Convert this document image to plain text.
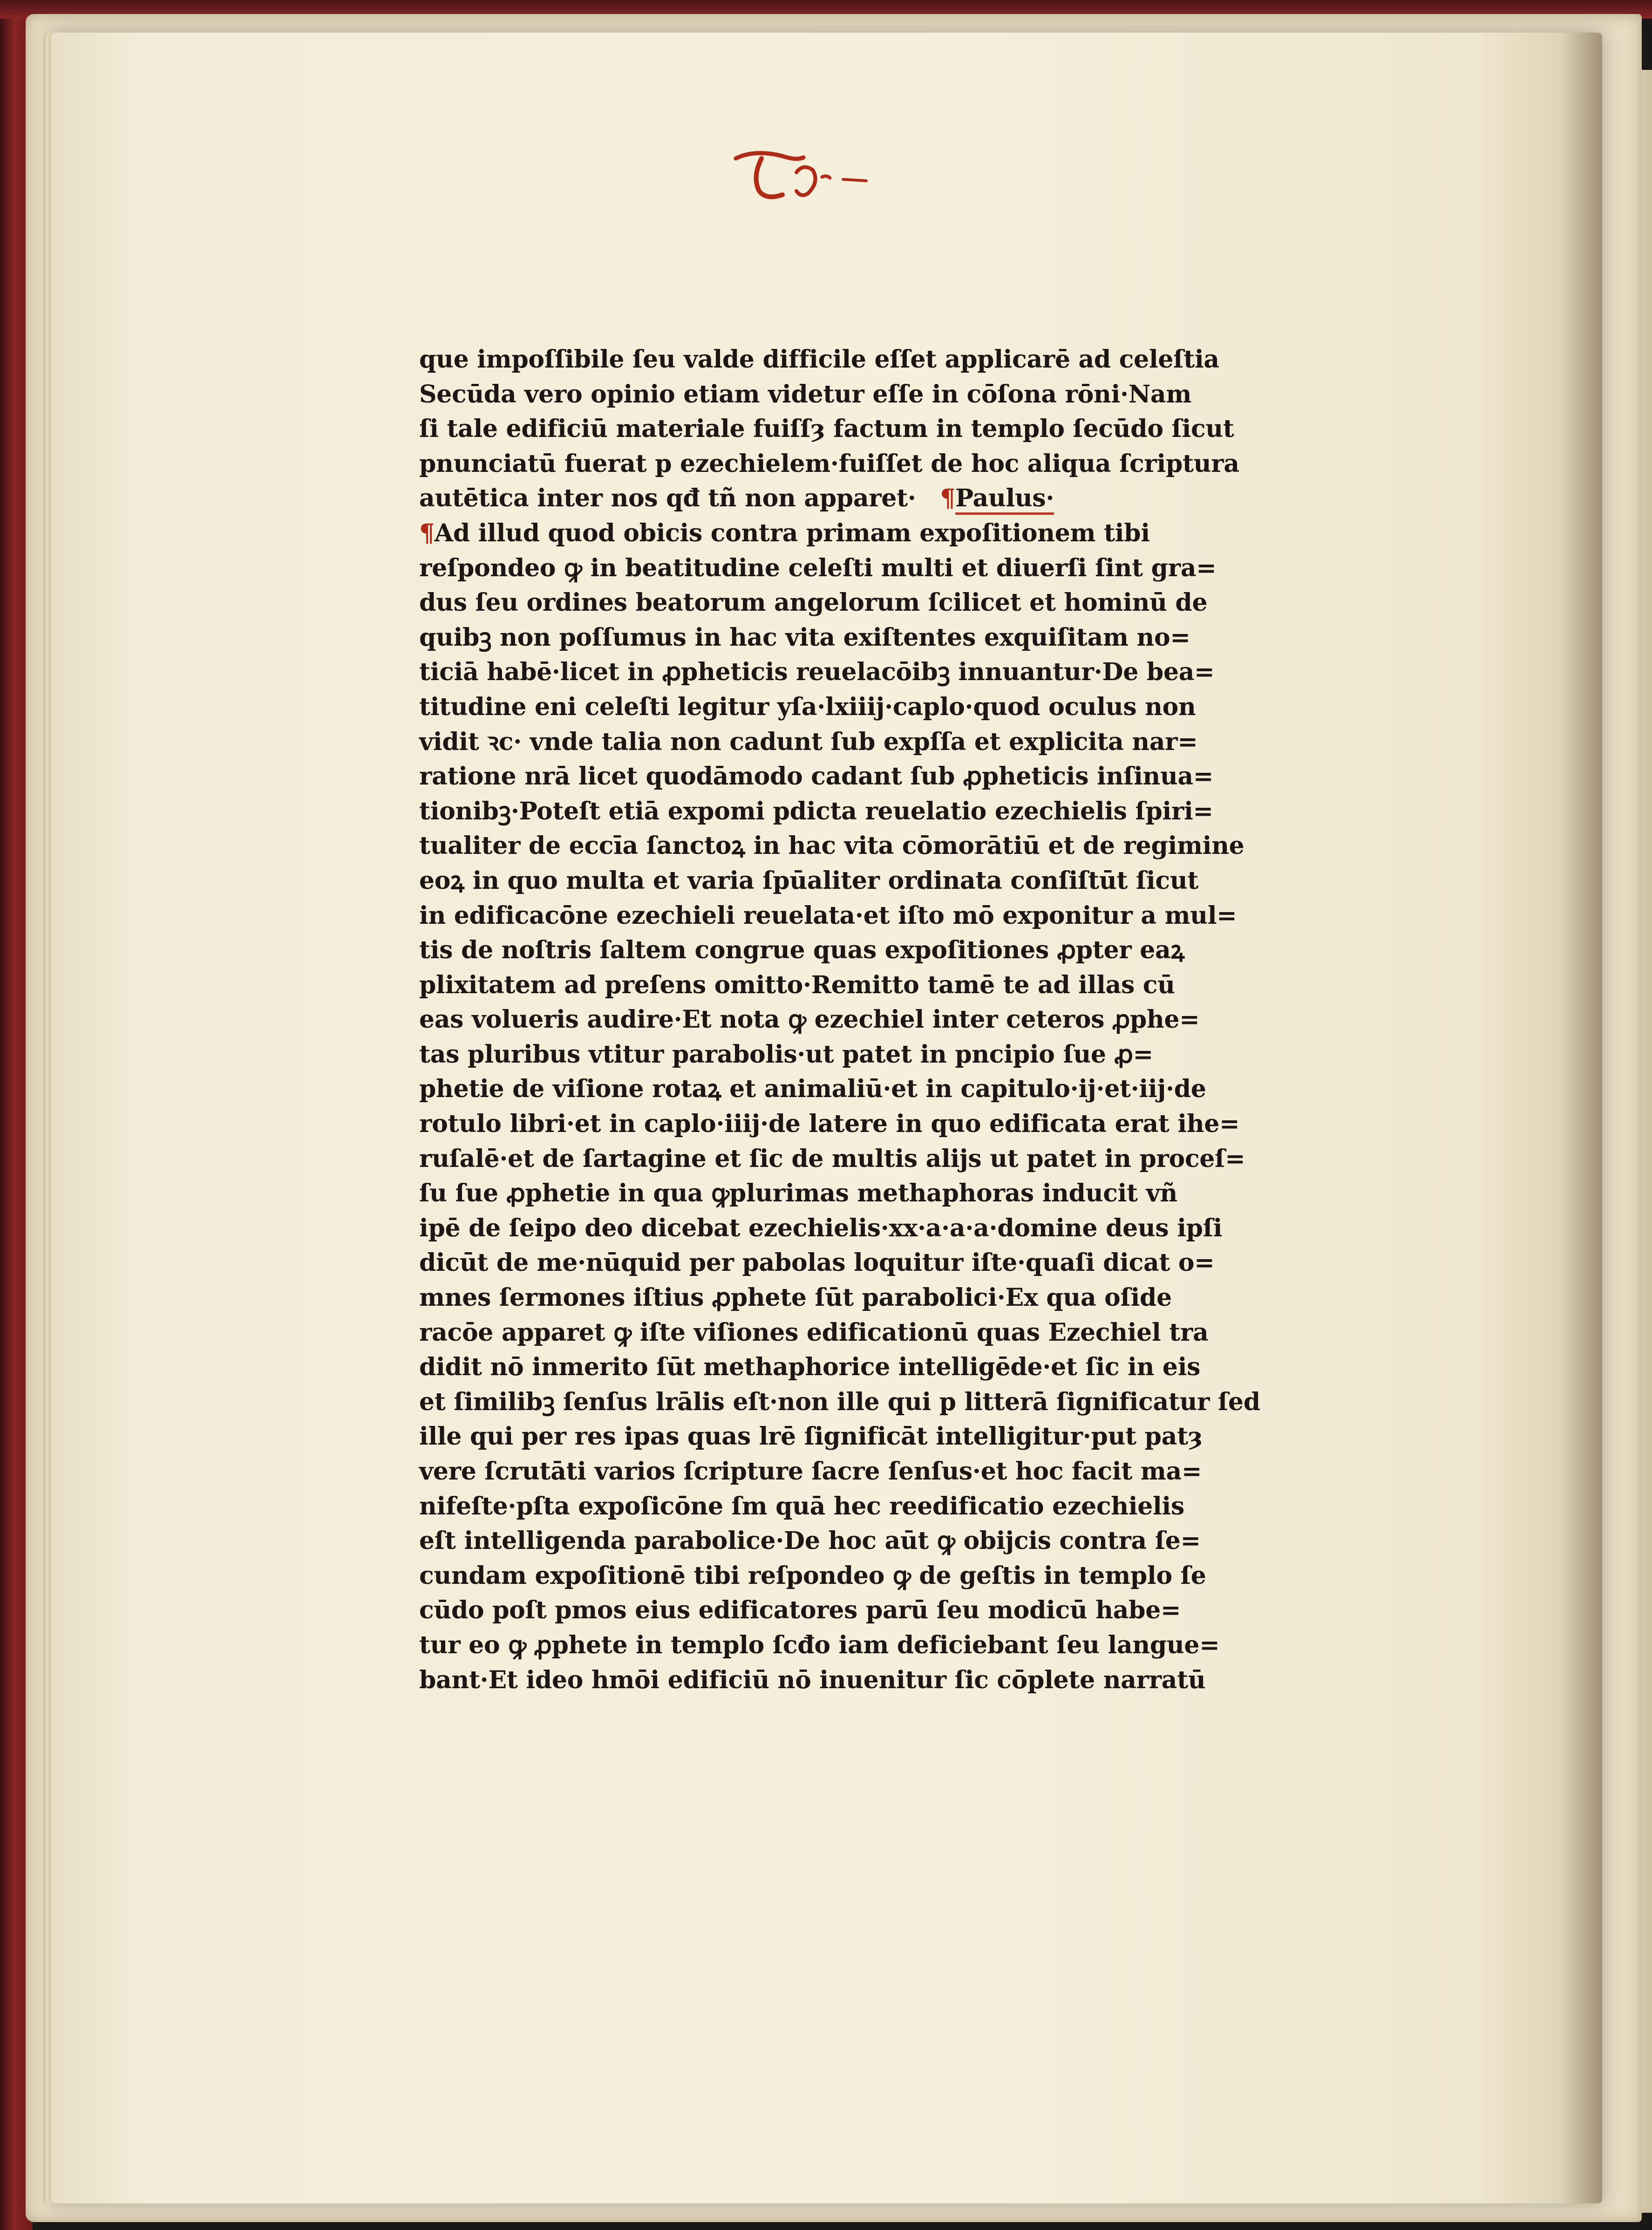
que impoſſibile ſeu valde difficile eſſet applicarē ad celeſtia
Secūda vero opinio etiam videtur eſſe in cōſona rōni·Nam
ſi tale edificiū materiale fuiſſȝ factum in templo ſecūdo ſicut
pnunciatū fuerat p ezechielem·fuiſſet de hoc aliqua ſcriptura
autētica inter nos qđ tñ non apparet·  ¶Paulus·
¶Ad illud quod obicis contra primam expoſitionem tibi
reſpondeo ꝙ in beatitudine celeſti multi et diuerſi ſint gra=
dus ſeu ordines beatorum angelorum ſcilicet et hominū de
quibꝫ non poſſumus in hac vita exiſtentes exquiſitam no=
ticiā habē·licet in ꝓpheticis reuelacōibꝫ innuantur·De bea=
titudine eni celeſti legitur yſa·lxiiij·caplo·quod oculus non
vidit ꝛc· vnde talia non cadunt ſub expſſa et explicita nar=
ratione nrā licet quodāmodo cadant ſub ꝓpheticis inſinua=
tionibꝫ·Poteſt etiā expomi pdicta reuelatio ezechielis ſpiri=
tualiter de eccīa ſanctoꝝ in hac vita cōmorātiū et de regimine
eoꝝ in quo multa et varia ſpūaliter ordinata conſiſtūt ſicut
in edificacōne ezechieli reuelata·et iſto mō exponitur a mul=
tis de noſtris ſaltem congrue quas expoſitiones ꝓpter eaꝝ
plixitatem ad preſens omitto·Remitto tamē te ad illas cū
eas volueris audire·Et nota ꝙ ezechiel inter ceteros ꝓphe=
tas pluribus vtitur parabolis·ut patet in pncipio ſue ꝓ=
phetie de viſione rotaꝝ et animaliū·et in capitulo·ij·et·iij·de
rotulo libri·et in caplo·iiij·de latere in quo edificata erat ihe=
ruſalē·et de ſartagine et ſic de multis alijs ut patet in proceſ=
ſu ſue ꝓphetie in qua ꝙplurimas methaphoras inducit vñ
ipē de ſeipo deo dicebat ezechielis·xx·a·a·a·domine deus ipſi
dicūt de me·nūquid per pabolas loquitur iſte·quaſi dicat o=
mnes ſermones iſtius ꝓphete ſūt parabolici·Ex qua oſide
racōe apparet ꝙ iſte viſiones edificationū quas Ezechiel tra
didit nō inmerito ſūt methaphorice intelligēde·et ſic in eis
et ſimilibꝫ ſenſus lrālis eſt·non ille qui p litterā ſignificatur ſed
ille qui per res ipas quas lrē ſignificāt intelligitur·put patȝ
vere ſcrutāti varios ſcripture ſacre ſenſus·et hoc facit ma=
nifeſte·pſta expoſicōne ſm quā hec reedificatio ezechielis
eſt intelligenda parabolice·De hoc aūt ꝙ obijcis contra ſe=
cundam expoſitionē tibi reſpondeo ꝙ de geſtis in templo ſe
cūdo poſt pmos eius edificatores parū ſeu modicū habe=
tur eo ꝙ ꝓphete in templo ſcđo iam deficiebant ſeu langue=
bant·Et ideo hmōi edificiū nō inuenitur ſic cōplete narratū
